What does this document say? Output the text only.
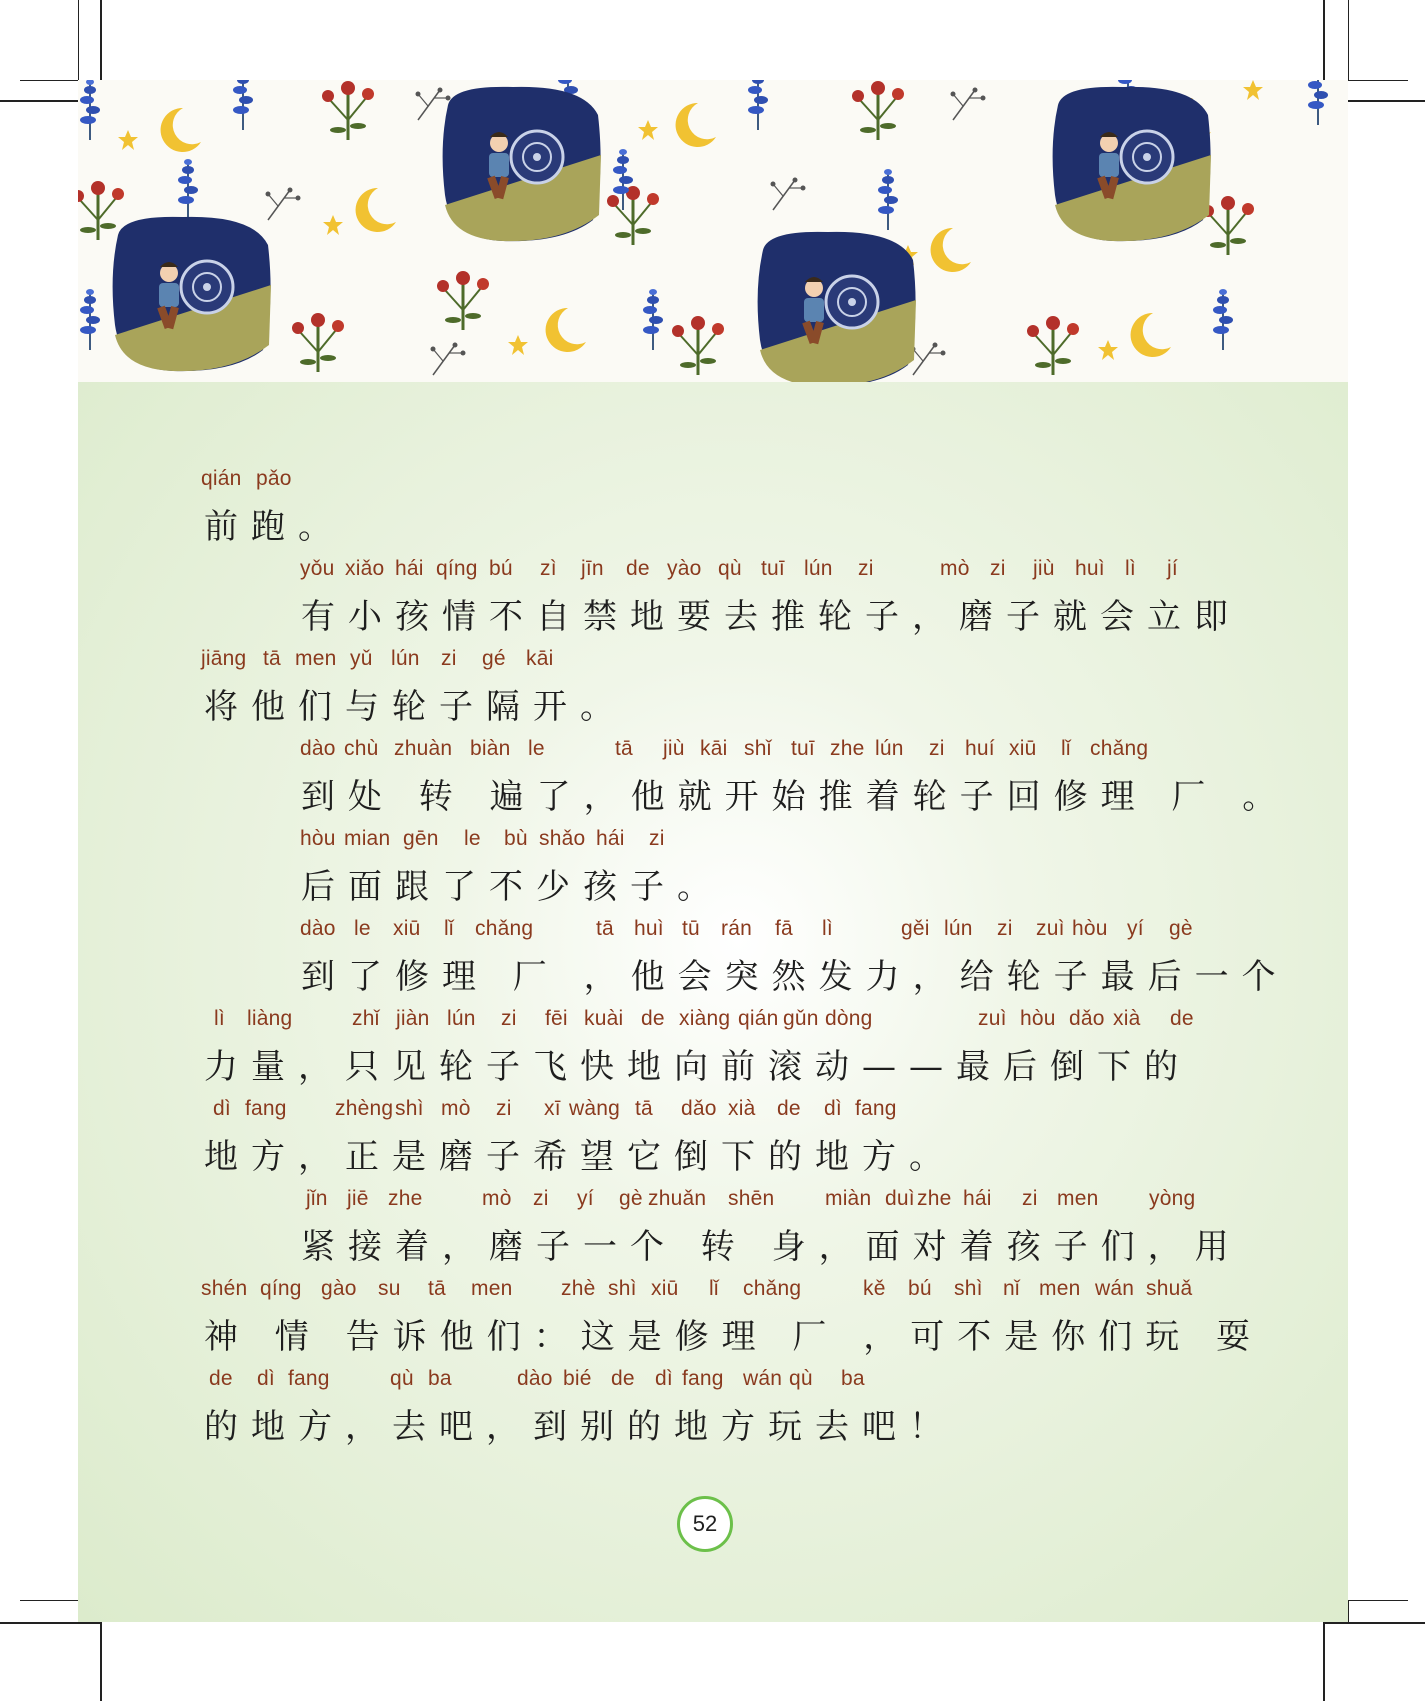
qián pǎo
前跑。
yǒu xiǎo hái qíng bú zì jīn de yào qù tuī lún zi	mò zi jiù huì lì jí
有小孩情不自禁地要去推轮子，磨子就会立即
jiāng tā men yǔ lún zi gé kāi
将他们与轮子隔开。
dào chù zhuàn biàn le	tā jiù kāi shǐ tuī zhe lún zi huí xiū lǐ chǎng
到处 转 遍了，他就开始推着轮子回修理 厂 。
hòu mian gēn le bù shǎo hái zi
后面跟了不少孩子。
dào le xiū lǐ chǎng	tā huì tū rán fā lì	gěi lún zi zuì hòu yí gè
到了修理 厂 ，他会突然发力，给轮子最后一个
lì liàng	zhǐ jiàn lún zi fēi kuài de xiàng qián gǔn dòng	zuì hòu dǎo xià de
力量，只见轮子飞快地向前滚动——最后倒下的
dì fang zhèng shì mò zi xī wàng tā dǎo xià de dì fang
地方，正是磨子希望它倒下的地方。
jǐn jiē zhe	mò zi yí gè zhuǎn shēn miàn duì zhe hái zi men yòng
紧接着，磨子一个 转 身，面对着孩子们，用
shén qíng gào su tā men zhè shì xiū lǐ chǎng	kě bú shì nǐ men wán shuǎ
神 情 告诉他们：这是修理 厂 ，可不是你们玩 耍
de dì fang	qù ba	dào bié de dì fang wán qù ba
的地方，去吧，到别的地方玩去吧！
52
